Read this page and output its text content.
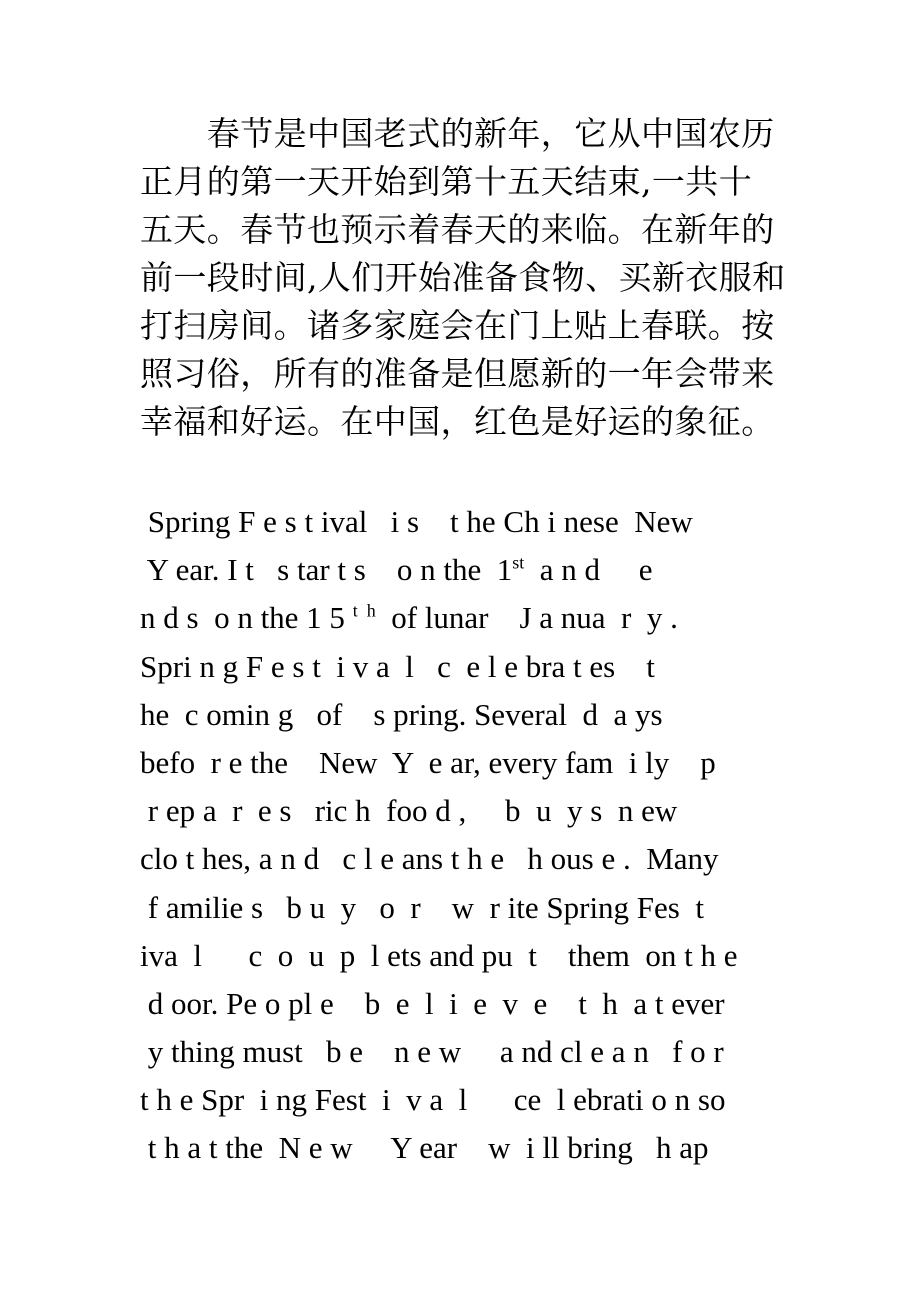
　　春节是中国老式的新年，它从中国农历
正月的第一天开始到第十五天结束,一共十
五天。春节也预示着春天的来临。在新年的
前一段时间,人们开始准备食物、买新衣服和
打扫房间。诸多家庭会在门上贴上春联。按
照习俗，所有的准备是但愿新的一年会带来
幸福和好运。在中国，红色是好运的象征。
Spring F e s t ival   i s    t he Ch i nese  New
Y ear. I t   s tar t s    o n the  1st  a n d     e
n d s  o n the 1 5 $^{t h}$  of lunar    J a nua  r  y .
Spri n g F e s t  i v a  l   c  e l e bra t es    t
he  c omin g   of    s pring. Several  d  a ys
befo  r e the    New  Y  e ar, every fam  i ly    p
r ep a  r  e s   ric h  foo d ,     b  u  y s  n ew
clo t hes, a n d   c l e ans t h e   h ous e .  Many
f amilie s   b u  y   o  r    w  r ite Spring Fes  t
iva  l      c  o  u  p  l ets and pu  t    them  on t h e
d oor. Pe o pl e    b  e  l  i  e  v  e    t  h  a t ever
y thing must   b e    n e w     a nd cl e a n   f o r
t h e Spr  i ng Fest  i  v a  l      ce  l ebrati o n so
t h a t the  N e w     Y ear    w  i ll bring   h ap
